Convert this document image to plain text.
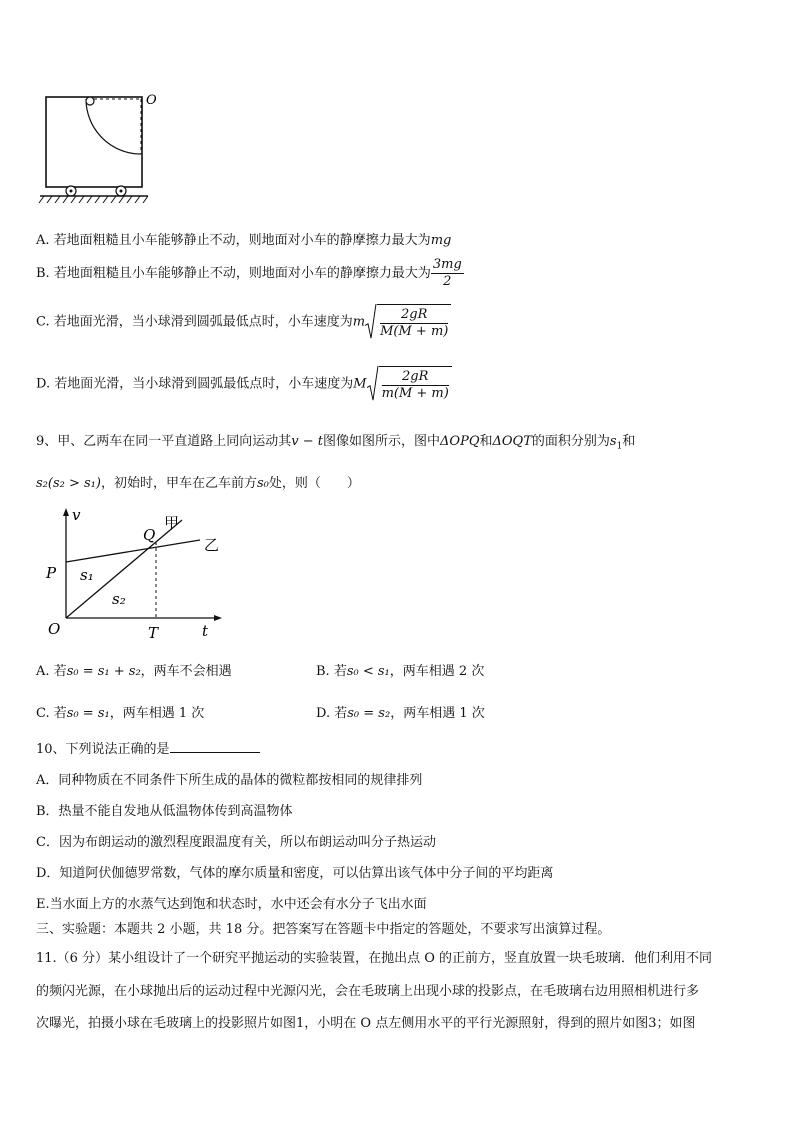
O
A. 若地面粗糙且小车能够静止不动，则地面对小车的静摩擦力最大为mg
B. 若地面粗糙且小车能够静止不动，则地面对小车的静摩擦力最大为 $\frac{3mg}{2}$
C. 若地面光滑，当小球滑到圆弧最低点时，小车速度为m $\frac{2gR}{M(M + m)}$
D. 若地面光滑，当小球滑到圆弧最低点时，小车速度为M $\frac{2gR}{m(M + m)}$
9、甲、乙两车在同一平直道路上同向运动其v − t图像如图所示，图中ΔOPQ和ΔOQT的面积分别为$s_1$和
s₂(s₂ > s₁)，初始时，甲车在乙车前方s₀处，则（　　）
v
t
O
P
Q
T
甲
乙
s₁
s₂
A. 若s₀ = s₁ + s₂，两车不会相遇	B. 若s₀ < s₁，两车相遇 2 次
C. 若s₀ = s₁，两车相遇 1 次	D. 若s₀ = s₂，两车相遇 1 次
10、下列说法正确的是
A．同种物质在不同条件下所生成的晶体的微粒都按相同的规律排列
B．热量不能自发地从低温物体传到高温物体
C．因为布朗运动的激烈程度跟温度有关，所以布朗运动叫分子热运动
D．知道阿伏伽德罗常数，气体的摩尔质量和密度，可以估算出该气体中分子间的平均距离
E.当水面上方的水蒸气达到饱和状态时，水中还会有水分子飞出水面
三、实验题：本题共 2 小题，共 18 分。把答案写在答题卡中指定的答题处，不要求写出演算过程。
11.（6 分）某小组设计了一个研究平抛运动的实验装置，在抛出点 O 的正前方，竖直放置一块毛玻璃．他们利用不同
的频闪光源，在小球抛出后的运动过程中光源闪光，会在毛玻璃上出现小球的投影点，在毛玻璃右边用照相机进行多
次曝光，拍摄小球在毛玻璃上的投影照片如图1，小明在 O 点左侧用水平的平行光源照射，得到的照片如图3；如图
